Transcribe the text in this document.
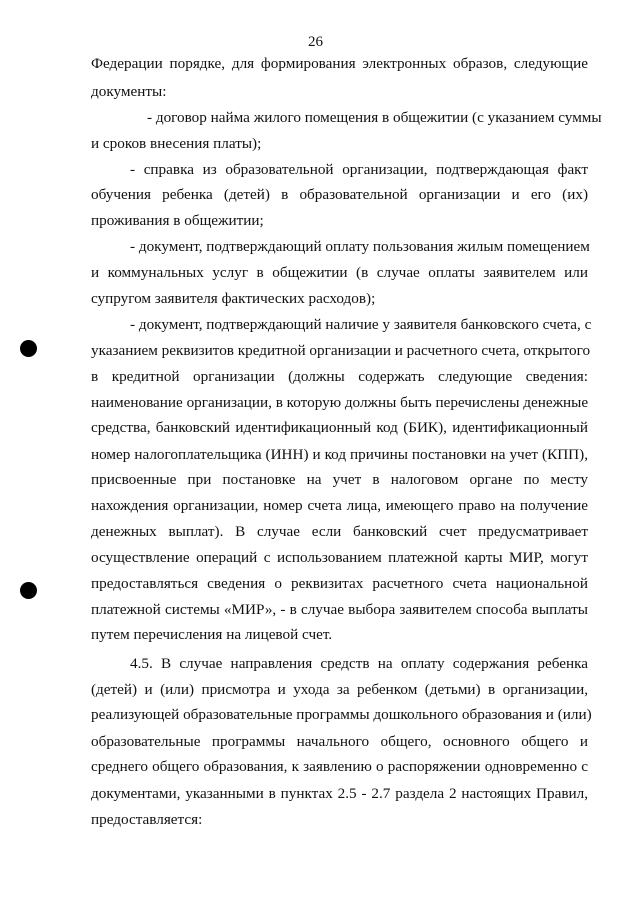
26

Федерации порядке, для формирования электронных образов, следующие

документы:

- договор найма жилого помещения в общежитии (с указанием суммы

и сроков внесения платы);

- справка из образовательной организации, подтверждающая факт

обучения ребенка (детей) в образовательной организации и его (их)

проживания в общежитии;

- документ, подтверждающий оплату пользования жилым помещением

и коммунальных услуг в общежитии (в случае оплаты заявителем или

супругом заявителя фактических расходов);

- документ, подтверждающий наличие у заявителя банковского счета, с

указанием реквизитов кредитной организации и расчетного счета, открытого

в кредитной организации (должны содержать следующие сведения:

наименование организации, в которую должны быть перечислены денежные

средства, банковский идентификационный код (БИК), идентификационный

номер налогоплательщика (ИНН) и код причины постановки на учет (КПП),

присвоенные при постановке на учет в налоговом органе по месту

нахождения организации, номер счета лица, имеющего право на получение

денежных выплат). В случае если банковский счет предусматривает

осуществление операций с использованием платежной карты МИР, могут

предоставляться сведения о реквизитах расчетного счета национальной

платежной системы «МИР», - в случае выбора заявителем способа выплаты

путем перечисления на лицевой счет.

4.5. В случае направления средств на оплату содержания ребенка

(детей) и (или) присмотра и ухода за ребенком (детьми) в организации,

реализующей образовательные программы дошкольного образования и (или)

образовательные программы начального общего, основного общего и

среднего общего образования, к заявлению о распоряжении одновременно с

документами, указанными в пунктах 2.5 - 2.7 раздела 2 настоящих Правил,

предоставляется:
